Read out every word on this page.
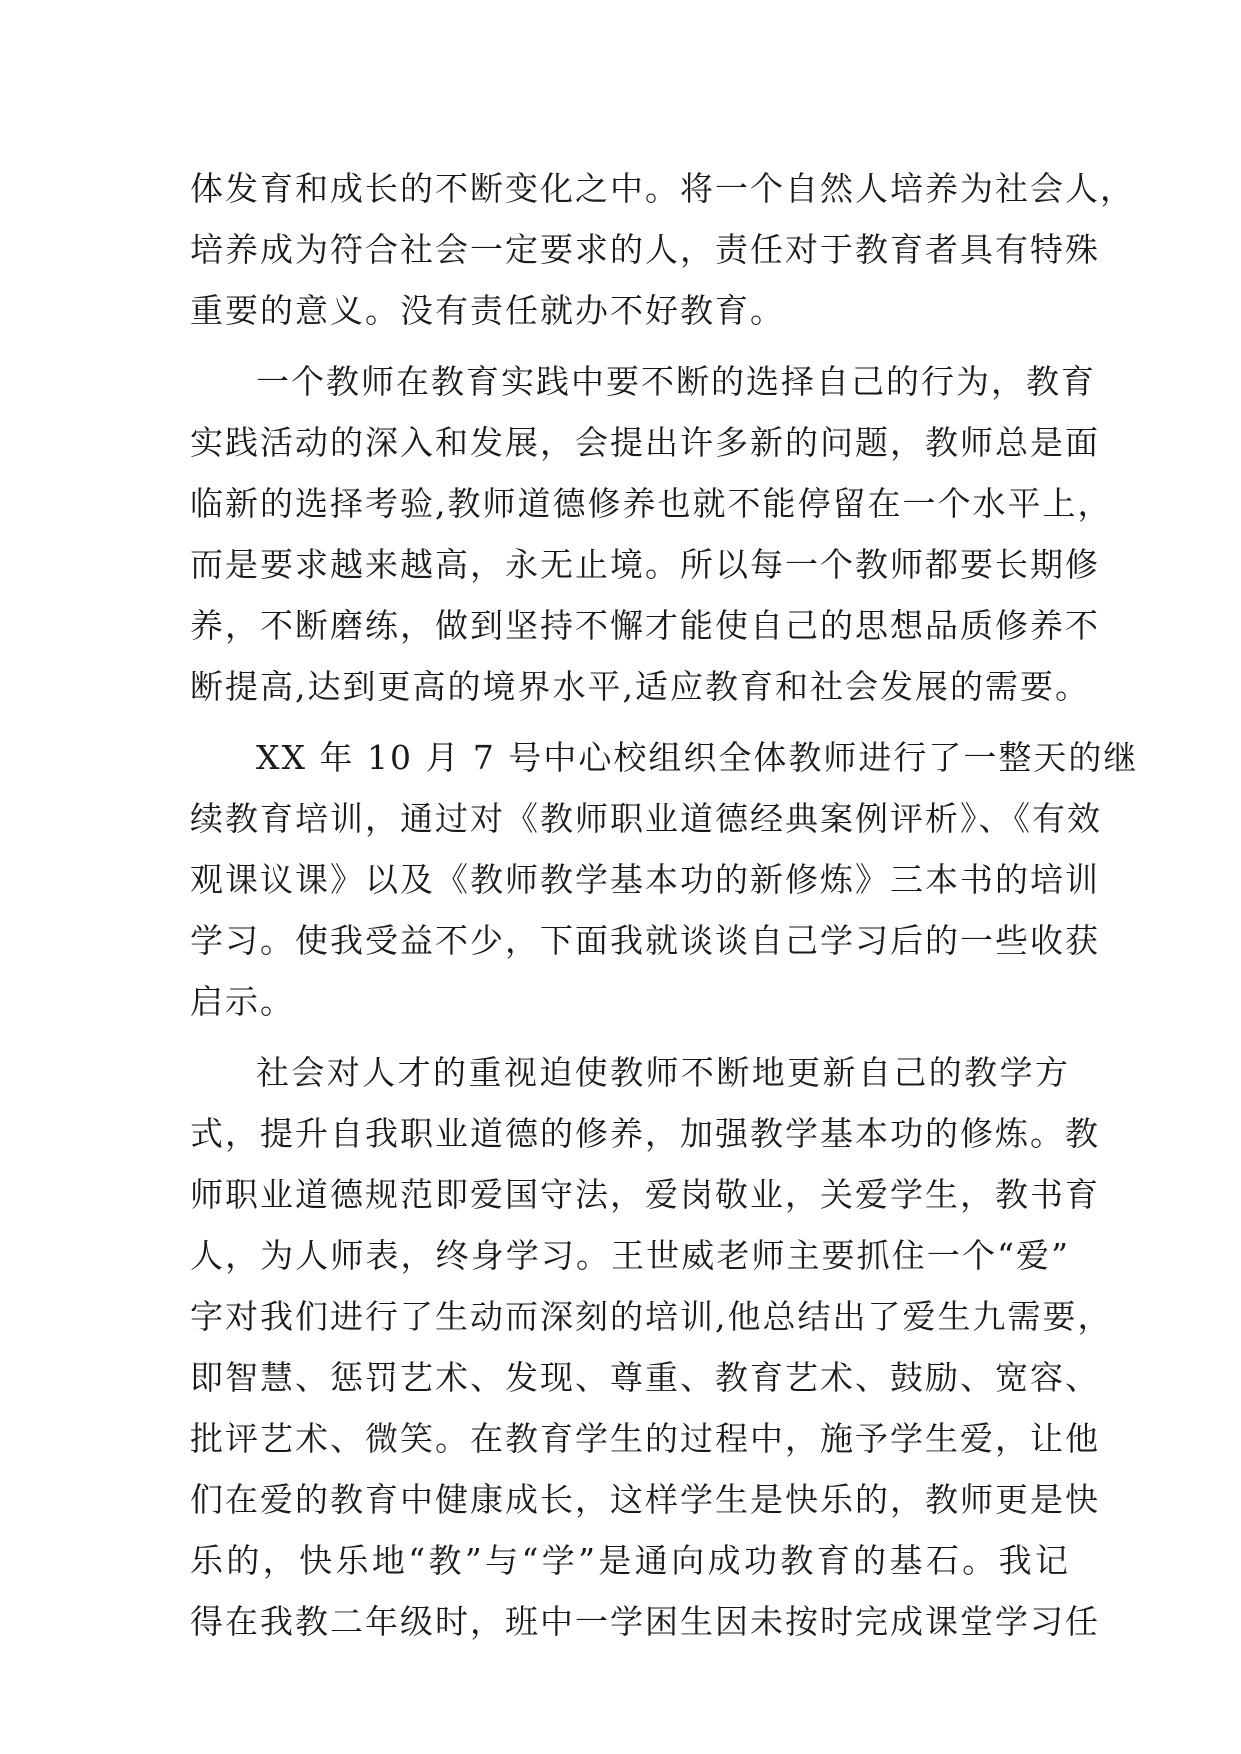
体发育和成长的不断变化之中。将一个自然人培养为社会人，
培养成为符合社会一定要求的人，责任对于教育者具有特殊
重要的意义。没有责任就办不好教育。
一个教师在教育实践中要不断的选择自己的行为，教育
实践活动的深入和发展，会提出许多新的问题，教师总是面
临新的选择考验,教师道德修养也就不能停留在一个水平上，
而是要求越来越高，永无止境。所以每一个教师都要长期修
养，不断磨练，做到坚持不懈才能使自己的思想品质修养不
断提高,达到更高的境界水平,适应教育和社会发展的需要。
XX 年 10 月 7 号中心校组织全体教师进行了一整天的继
续教育培训，通过对《教师职业道德经典案例评析》、《有效
观课议课》以及《教师教学基本功的新修炼》三本书的培训
学习。使我受益不少，下面我就谈谈自己学习后的一些收获
启示。
社会对人才的重视迫使教师不断地更新自己的教学方
式，提升自我职业道德的修养，加强教学基本功的修炼。教
师职业道德规范即爱国守法，爱岗敬业，关爱学生，教书育
人，为人师表，终身学习。王世威老师主要抓住一个“爱”
字对我们进行了生动而深刻的培训,他总结出了爱生九需要，
即智慧、惩罚艺术、发现、尊重、教育艺术、鼓励、宽容、
批评艺术、微笑。在教育学生的过程中，施予学生爱，让他
们在爱的教育中健康成长，这样学生是快乐的，教师更是快
乐的，快乐地“教”与“学”是通向成功教育的基石。我记
得在我教二年级时，班中一学困生因未按时完成课堂学习任
